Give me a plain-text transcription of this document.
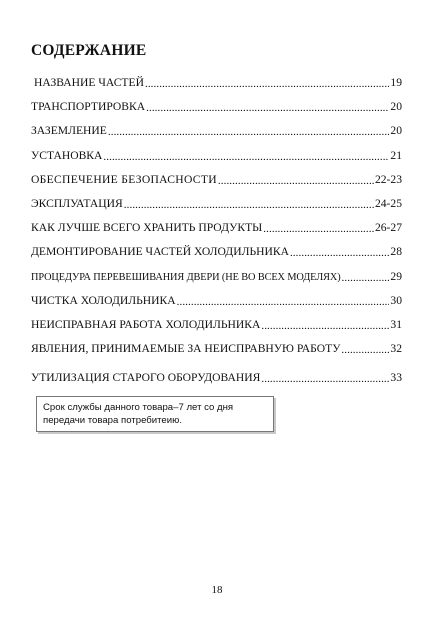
СОДЕРЖАНИЕ
НАЗВАНИЕ ЧАСТЕЙ .....	19
ТРАНСПОРТИРОВКА .....	20
ЗАЗЕМЛЕНИЕ .....	20
УСТАНОВКА .....	21
ОБЕСПЕЧЕНИЕ БЕЗОПАСНОСТИ .....	22-23
ЭКСПЛУАТАЦИЯ .....	24-25
КАК ЛУЧШЕ ВСЕГО ХРАНИТЬ ПРОДУКТЫ .....	26-27
ДЕМОНТИРОВАНИЕ ЧАСТЕЙ ХОЛОДИЛЬНИКА .....	28
ПРОЦЕДУРА ПЕРЕВЕШИВАНИЯ ДВЕРИ (НЕ ВО ВСЕХ МОДЕЛЯХ) .....	29
ЧИСТКА ХОЛОДИЛЬНИКА .....	30
НЕИСПРАВНАЯ РАБОТА ХОЛОДИЛЬНИКА .....	31
ЯВЛЕНИЯ, ПРИНИМАЕМЫЕ ЗА НЕИСПРАВНУЮ РАБОТУ .....	32
УТИЛИЗАЦИЯ СТАРОГО ОБОРУДОВАНИЯ .....	33
Срок службы данного товара–7 лет со дня
передачи товара потребитеию.
18
